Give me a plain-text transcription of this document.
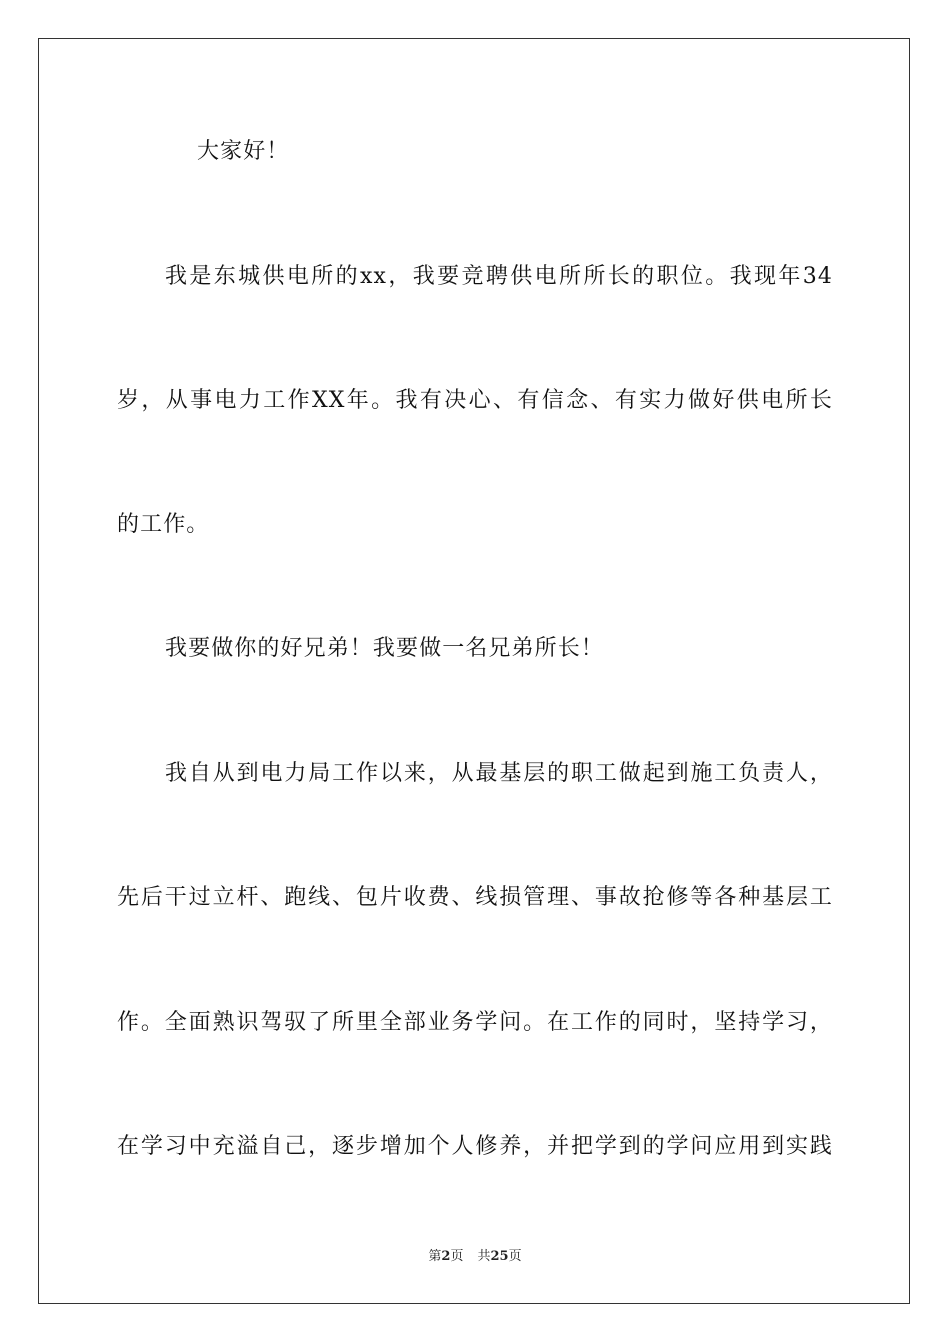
大家好！
我是东城供电所的xx，我要竞聘供电所所长的职位。我现年34
岁，从事电力工作XX年。我有决心、有信念、有实力做好供电所长
的工作。
我要做你的好兄弟！我要做一名兄弟所长！
我自从到电力局工作以来，从最基层的职工做起到施工负责人，
先后干过立杆、跑线、包片收费、线损管理、事故抢修等各种基层工
作。全面熟识驾驭了所里全部业务学问。在工作的同时，坚持学习，
在学习中充溢自己，逐步增加个人修养，并把学到的学问应用到实践
第2页 共25页
